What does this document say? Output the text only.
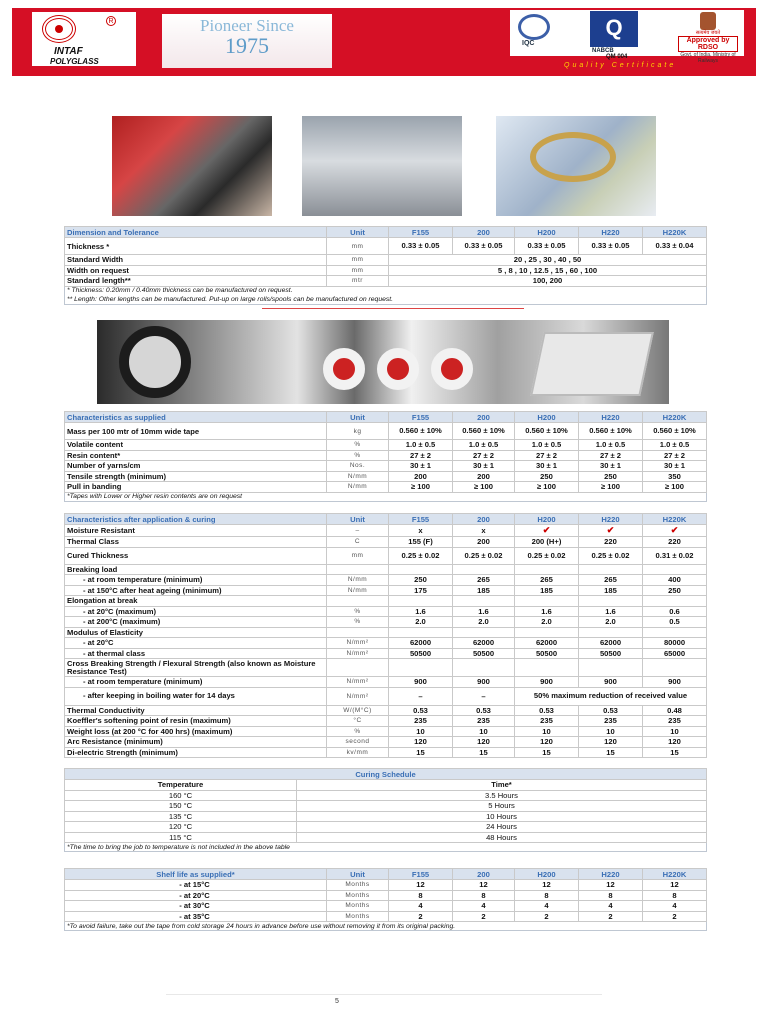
R
INTAF
POLYGLASS
Pioneer Since
1975	IQC
Q
NABCB
सत्यमेव जयते
Approved by RDSO
Govt. of India, Ministry of Railways
QM 004
Quality Certificate
Dimension and Tolerance	Unit	F155	200	H200	H220	H220K
Thickness *	mm	0.33 ± 0.05	0.33 ± 0.05	0.33 ± 0.05	0.33 ± 0.05	0.33 ± 0.04
Standard Width	mm	20 , 25 , 30 , 40 , 50				
Width on request	mm	5 , 8 , 10 , 12.5 , 15 , 60 , 100				
Standard length**	mtr	100, 200				
* Thickness: 0.20mm / 0.40mm thickness can be manufactured on request.						
** Length: Other lengths can be manufactured. Put-up on large rolls/spools can be manufactured on request.						
Characteristics as supplied	Unit	F155	200	H200	H220	H220K
Mass per 100 mtr of 10mm wide tape	kg	0.560 ± 10%	0.560 ± 10%	0.560 ± 10%	0.560 ± 10%	0.560 ± 10%
Volatile content	%	1.0 ± 0.5	1.0 ± 0.5	1.0 ± 0.5	1.0 ± 0.5	1.0 ± 0.5
Resin content*	%	27 ± 2	27 ± 2	27 ± 2	27 ± 2	27 ± 2
Number of yarns/cm	Nos.	30 ± 1	30 ± 1	30 ± 1	30 ± 1	30 ± 1
Tensile strength (minimum)	N/mm	200	200	250	250	350
Pull in banding	N/mm	≥ 100	≥ 100	≥ 100	≥ 100	≥ 100
*Tapes with Lower or Higher resin contents are on request						
Characteristics after application & curing	Unit	F155	200	H200	H220	H220K
Moisture Resistant	–	x	x	✔	✔	✔
Thermal Class	C	155 (F)	200	200 (H+)	220	220
Cured Thickness	mm	0.25 ± 0.02	0.25 ± 0.02	0.25 ± 0.02	0.25 ± 0.02	0.31 ± 0.02
Breaking load						
- at room temperature (minimum)	N/mm	250	265	265	265	400
- at 150°C after heat ageing (minimum)	N/mm	175	185	185	185	250
Elongation at break						
- at 20°C (maximum)	%	1.6	1.6	1.6	1.6	0.6
- at 200°C (maximum)	%	2.0	2.0	2.0	2.0	0.5
Modulus of Elasticity						
- at 20°C	N/mm²	62000	62000	62000	62000	80000
- at thermal class	N/mm²	50500	50500	50500	50500	65000
Cross Breaking Strength / Flexural Strength (also known as Moisture Resistance Test)						
- at room temperature (minimum)	N/mm²	900	900	900	900	900
- after keeping in boiling water for 14 days	N/mm²	–	–	50% maximum reduction of received value		
Thermal Conductivity	W/(M°C)	0.53	0.53	0.53	0.53	0.48
Koeffler's softening point of resin (maximum)	°C	235	235	235	235	235
Weight loss (at 200 °C for 400 hrs) (maximum)	%	10	10	10	10	10
Arc Resistance (minimum)	second	120	120	120	120	120
Di-electric Strength (minimum)	kv/mm	15	15	15	15	15
Curing Schedule	
Temperature	Time*
160 °C	3.5 Hours
150 °C	5 Hours
135 °C	10 Hours
120 °C	24 Hours
115 °C	48 Hours
*The time to bring the job to temperature is not included in the above table	
Shelf life as supplied*	Unit	F155	200	H200	H220	H220K
- at 15°C	Months	12	12	12	12	12
- at 20°C	Months	8	8	8	8	8
- at 30°C	Months	4	4	4	4	4
- at 35°C	Months	2	2	2	2	2
*To avoid failure, take out the tape from cold storage 24 hours in advance before use without removing it from its original packing.						
5
